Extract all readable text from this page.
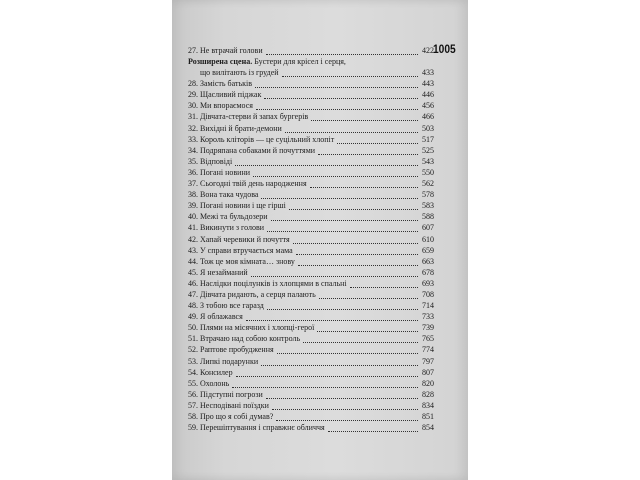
1005
27. Не втрачай голови	422
Розширена сцена. Бустери для крісел і серця,
що вилітають із грудей	433
28. Замість батьків	443
29. Щасливий піджак	446
30. Ми впораємося	456
31. Дівчата-стерви й запах бургерів	466
32. Вихідні й брати-демони	503
33. Король кліторів — це суцільний хлопіт	517
34. Подряпана собаками й почуттями	525
35. Відповіді	543
36. Погані новини	550
37. Сьогодні твій день народження	562
38. Вона така чудова	578
39. Погані новини і ще гірші	583
40. Межі та бульдозери	588
41. Викинути з голови	607
42. Хапай черевики й почуття	610
43. У справи втручається мама	659
44. Тож це моя кімната… знову	663
45. Я незайманий	678
46. Наслідки поцілунків із хлопцями в спальні	693
47. Дівчата ридають, а серця палають	708
48. З тобою все гаразд	714
49. Я облажався	733
50. Плями на місячних і хлопці-герої	739
51. Втрачаю над собою контроль	765
52. Раптове пробудження	774
53. Липкі подарунки	797
54. Консилер	807
55. Охолонь	820
56. Підступні погрози	828
57. Несподівані поїздки	834
58. Про що я собі думав?	851
59. Перешіптування і справжнє обличчя	854
